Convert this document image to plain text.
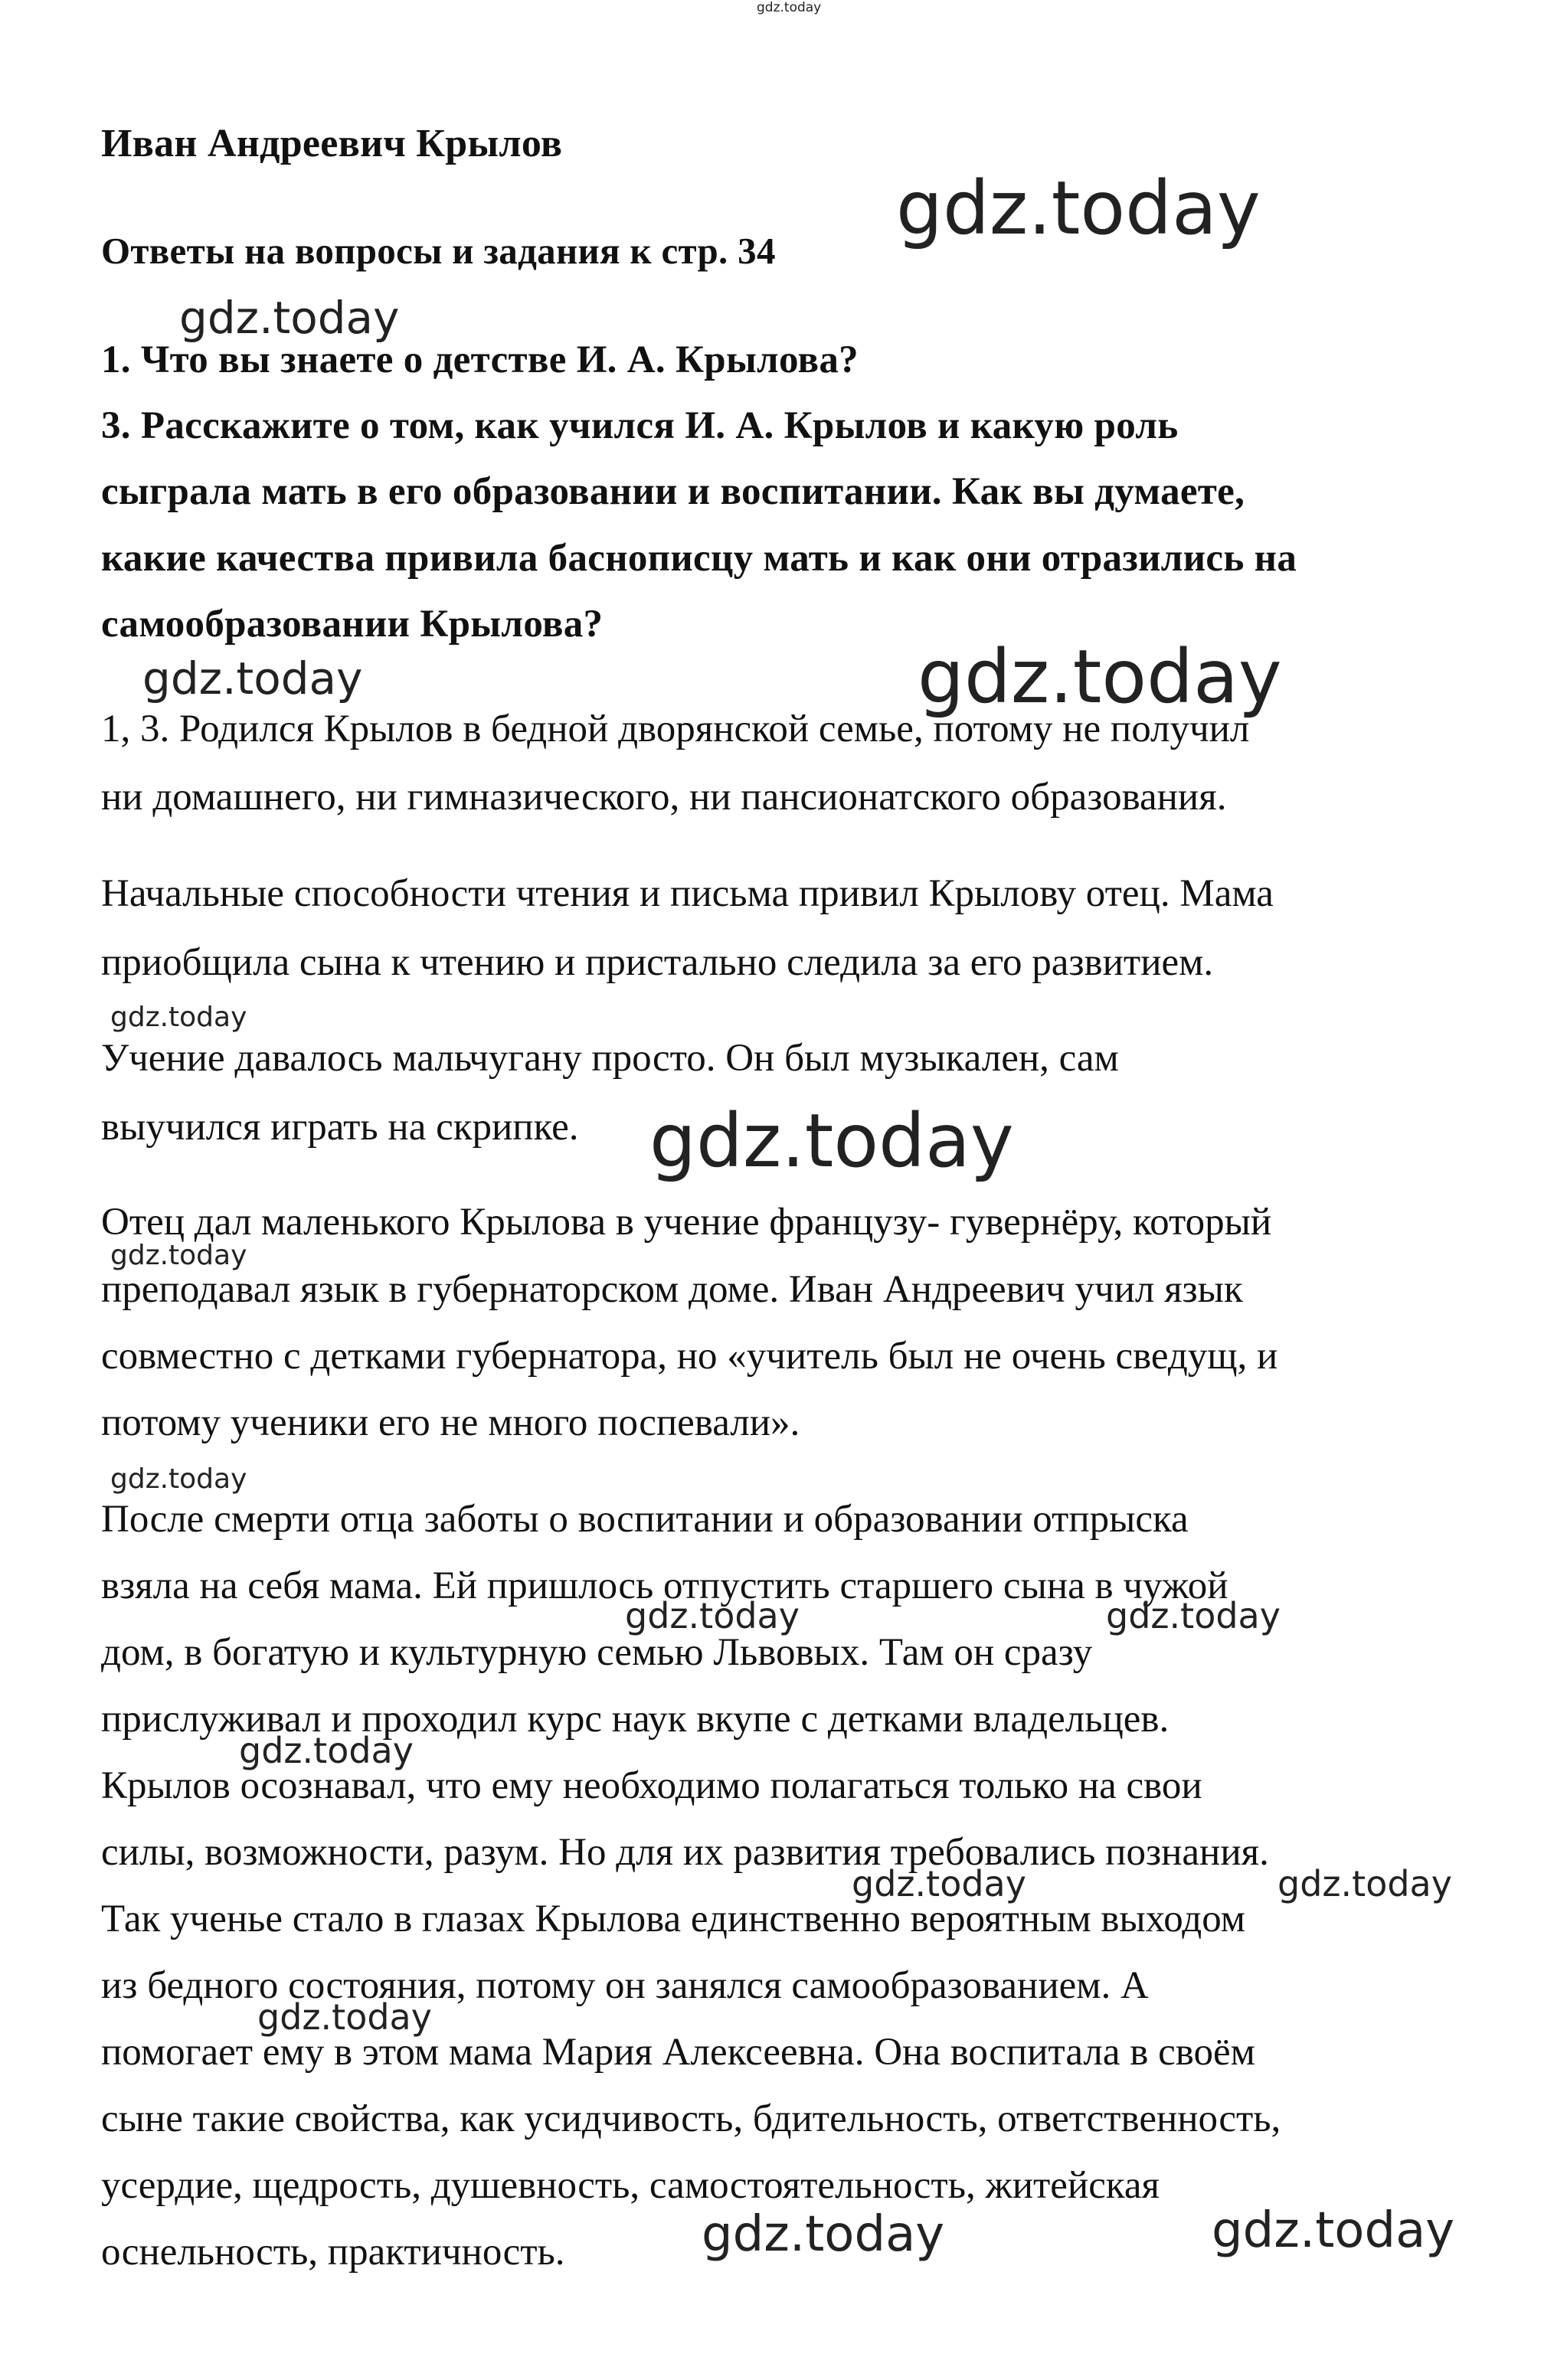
Иван Андреевич Крылов
Ответы на вопросы и задания к стр. 34
1. Что вы знаете о детстве И. А. Крылова?
3. Расскажите о том, как учился И. А. Крылов и какую роль
сыграла мать в его образовании и воспитании. Как вы думаете,
какие качества привила баснописцу мать и как они отразились на
самообразовании Крылова?
1, 3. Родился Крылов в бедной дворянской семье, потому не получил
ни домашнего, ни гимназического, ни пансионатского образования.
Начальные способности чтения и письма привил Крылову отец. Мама
приобщила сына к чтению и пристально следила за его развитием.
Учение давалось мальчугану просто. Он был музыкален, сам
выучился играть на скрипке.
Отец дал маленького Крылова в учение французу- гувернёру, который
преподавал язык в губернаторском доме. Иван Андреевич учил язык
совместно с детками губернатора, но «учитель был не очень сведущ, и
потому ученики его не много поспевали».
После смерти отца заботы о воспитании и образовании отпрыска
взяла на себя мама. Ей пришлось отпустить старшего сына в чужой
дом, в богатую и культурную семью Львовых. Там он сразу
прислуживал и проходил курс наук вкупе с детками владельцев.
Крылов осознавал, что ему необходимо полагаться только на свои
силы, возможности, разум. Но для их развития требовались познания.
Так ученье стало в глазах Крылова единственно вероятным выходом
из бедного состояния, потому он занялся самообразованием. А
помогает ему в этом мама Мария Алексеевна. Она воспитала в своём
сыне такие свойства, как усидчивость, бдительность, ответственность,
усердие, щедрость, душевность, самостоятельность, житейская
оснельность, практичность.
gdz.today
gdz.today
gdz.today
gdz.today	gdz.today
gdz.today
gdz.today
gdz.today
gdz.today
gdz.today	gdz.today
gdz.today
gdz.today	gdz.today
gdz.today
gdz.today	gdz.today
